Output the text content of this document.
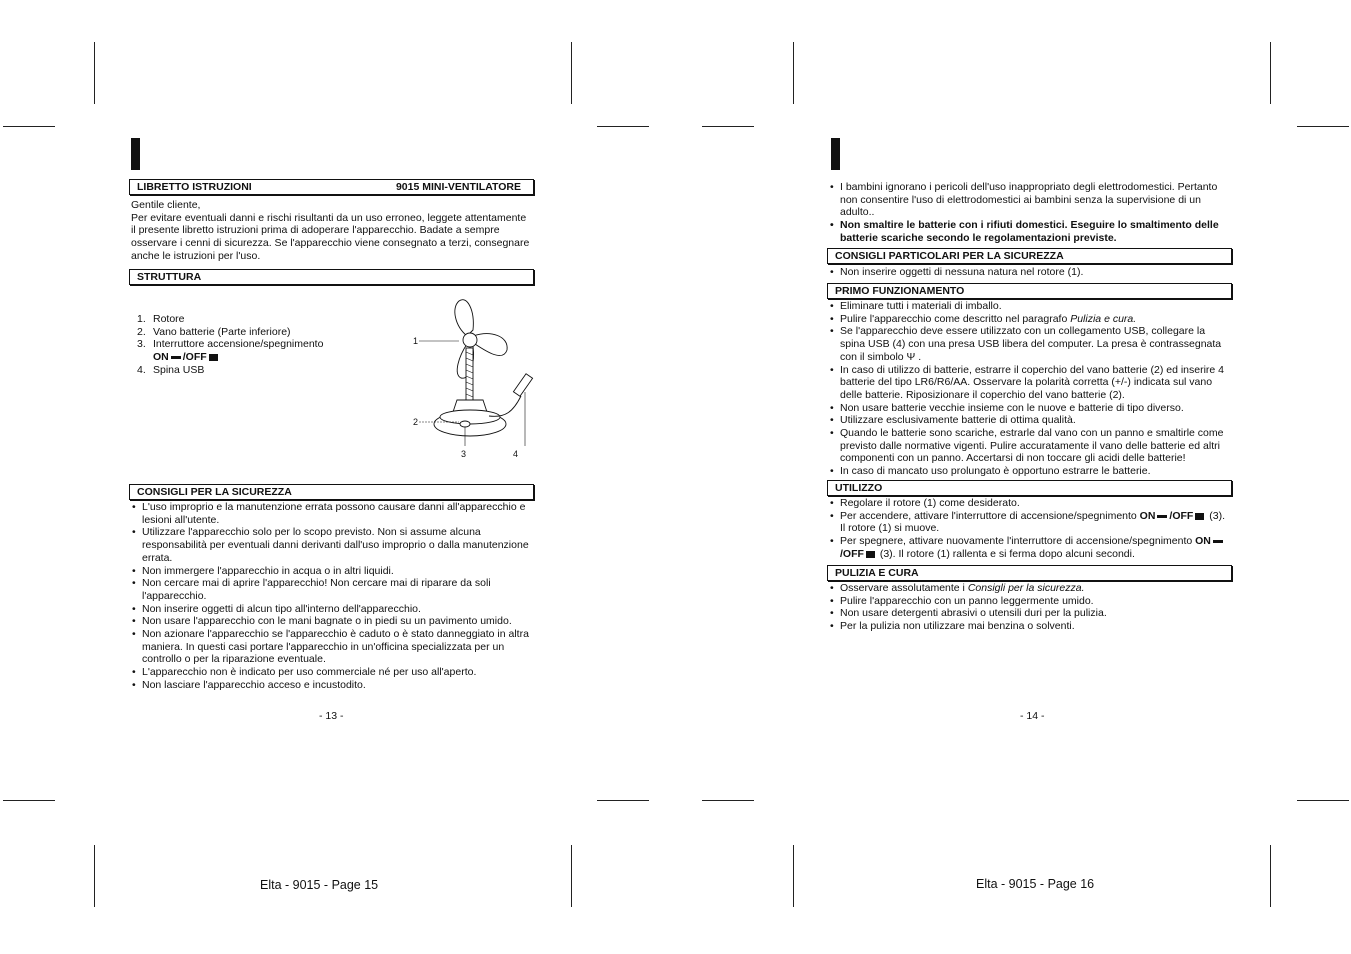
LIBRETTO ISTRUZIONI	9015 MINI-VENTILATORE
Gentile cliente,
Per evitare eventuali danni e rischi risultanti da un uso erroneo, leggete attentamente il presente libretto istruzioni prima di adoperare l'apparecchio. Badate a sempre osservare i cenni di sicurezza. Se l'apparecchio viene consegnato a terzi, consegnare anche le istruzioni per l'uso.
STRUTTURA
1. Rotore
2. Vano batterie (Parte inferiore)
3. Interruttore accensione/spegnimento
ON /OFF
4. Spina USB
1
2
3	4
CONSIGLI PER LA SICUREZZA
• L'uso improprio e la manutenzione errata possono causare danni all'apparecchio e lesioni all'utente.
• Utilizzare l'apparecchio solo per lo scopo previsto. Non si assume alcuna responsabilità per eventuali danni derivanti dall'uso improprio o dalla manutenzione errata.
• Non immergere l'apparecchio in acqua o in altri liquidi.
• Non cercare mai di aprire l'apparecchio! Non cercare mai di riparare da soli l'apparecchio.
• Non inserire oggetti di alcun tipo all'interno dell'apparecchio.
• Non usare l'apparecchio con le mani bagnate o in piedi su un pavimento umido.
• Non azionare l'apparecchio se l'apparecchio è caduto o è stato danneggiato in altra maniera. In questi casi portare l'apparecchio in un'officina specializzata per un controllo o per la riparazione eventuale.
• L'apparecchio non è indicato per uso commerciale né per uso all'aperto.
• Non lasciare l'apparecchio acceso e incustodito.
- 13 -
Elta - 9015 - Page 15
• I bambini ignorano i pericoli dell'uso inappropriato degli elettrodomestici. Pertanto non consentire l'uso di elettrodomestici ai bambini senza la supervisione di un adulto..
• Non smaltire le batterie con i rifiuti domestici. Eseguire lo smaltimento delle batterie scariche secondo le regolamentazioni previste.
CONSIGLI PARTICOLARI PER LA SICUREZZA
• Non inserire oggetti di nessuna natura nel rotore (1).
PRIMO FUNZIONAMENTO
• Eliminare tutti i materiali di imballo.
• Pulire l'apparecchio come descritto nel paragrafo Pulizia e cura.
• Se l'apparecchio deve essere utilizzato con un collegamento USB, collegare la spina USB (4) con una presa USB libera del computer. La presa è contrassegnata con il simbolo Ψ .
• In caso di utilizzo di batterie, estrarre il coperchio del vano batterie (2) ed inserire 4 batterie del tipo LR6/R6/AA. Osservare la polarità corretta (+/-) indicata sul vano delle batterie. Riposizionare il coperchio del vano batterie (2).
• Non usare batterie vecchie insieme con le nuove e batterie di tipo diverso.
• Utilizzare esclusivamente batterie di ottima qualità.
• Quando le batterie sono scariche, estrarle dal vano con un panno e smaltirle come previsto dalle normative vigenti. Pulire accuratamente il vano delle batterie ed altri componenti con un panno. Accertarsi di non toccare gli acidi delle batterie!
• In caso di mancato uso prolungato è opportuno estrarre le batterie.
UTILIZZO
• Regolare il rotore (1) come desiderato.
• Per accendere, attivare l'interruttore di accensione/spegnimento ON /OFF (3). Il rotore (1) si muove.
• Per spegnere, attivare nuovamente l'interruttore di accensione/spegnimento ON /OFF (3). Il rotore (1) rallenta e si ferma dopo alcuni secondi.
PULIZIA E CURA
• Osservare assolutamente i Consigli per la sicurezza.
• Pulire l'apparecchio con un panno leggermente umido.
• Non usare detergenti abrasivi o utensili duri per la pulizia.
• Per la pulizia non utilizzare mai benzina o solventi.
- 14 -
Elta - 9015 - Page 16
